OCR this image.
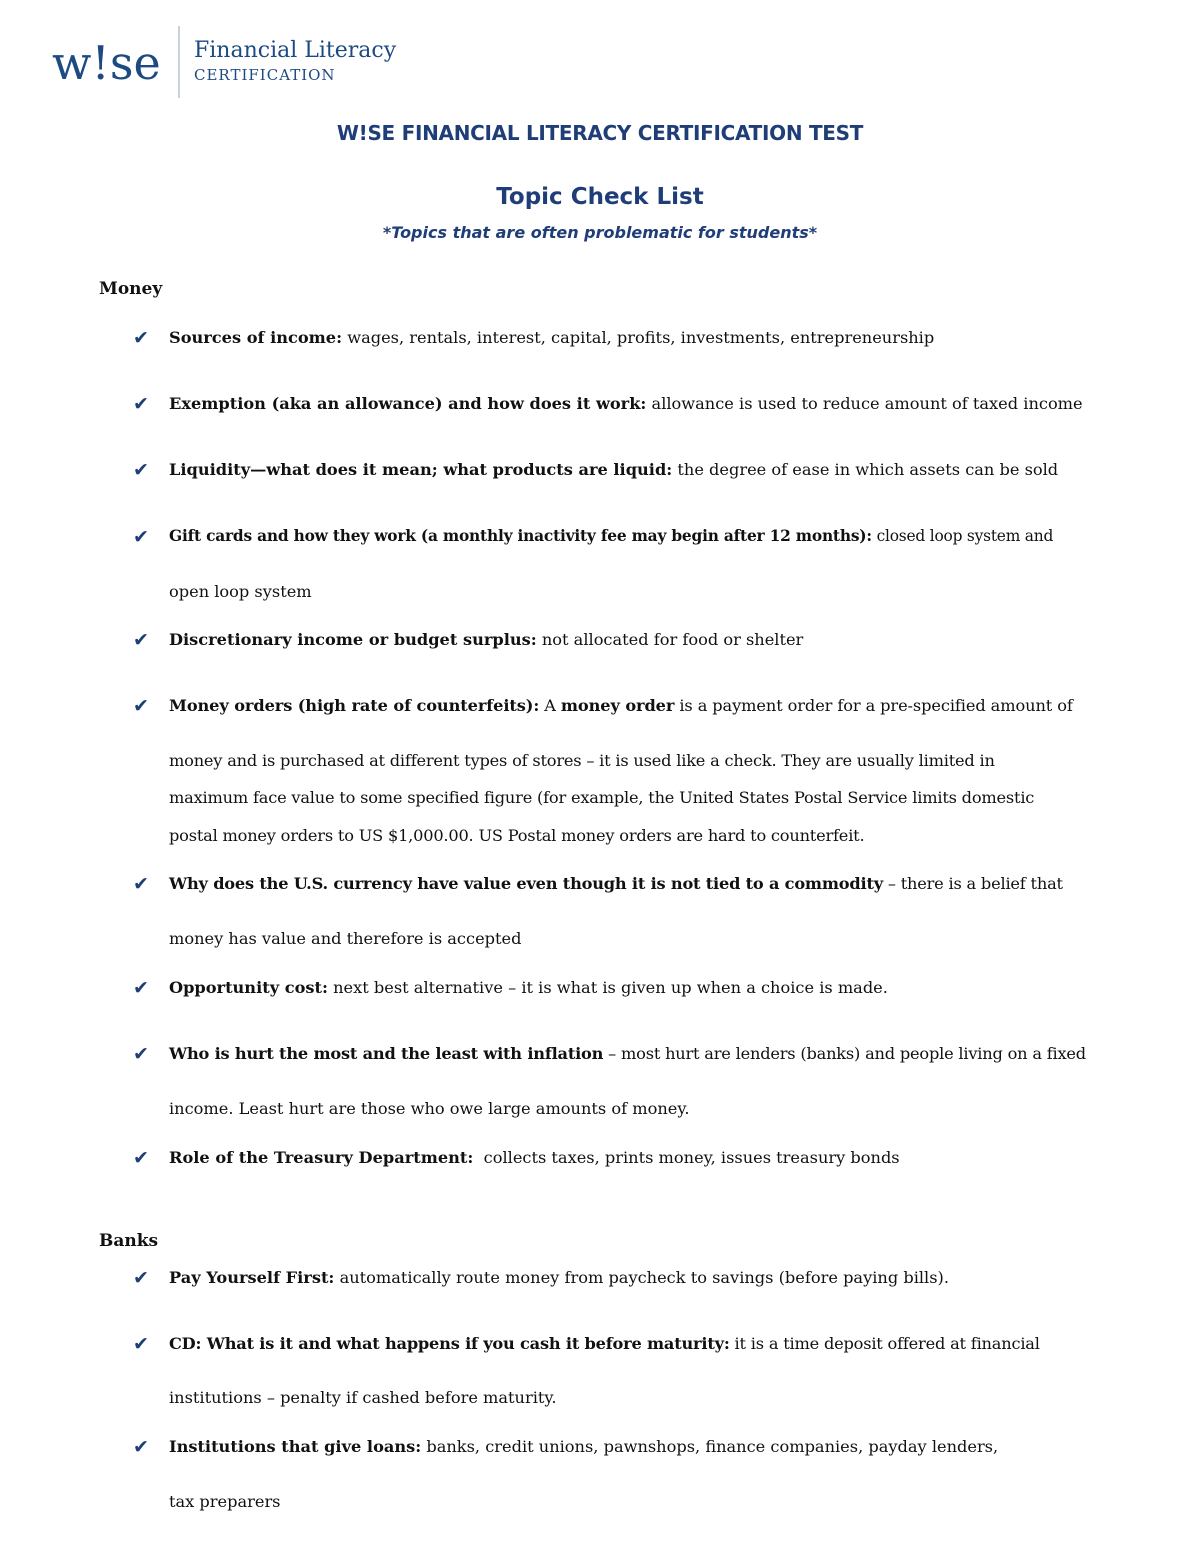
w!se Financial Literacy
CERTIFICATION
W!SE FINANCIAL LITERACY CERTIFICATION TEST
Topic Check List
*Topics that are often problematic for students*
Money
✔ Sources of income: wages, rentals, interest, capital, profits, investments, entrepreneurship
✔ Exemption (aka an allowance) and how does it work: allowance is used to reduce amount of taxed income
✔ Liquidity—what does it mean; what products are liquid: the degree of ease in which assets can be sold
✔ Gift cards and how they work (a monthly inactivity fee may begin after 12 months): closed loop system and
open loop system
✔ Discretionary income or budget surplus: not allocated for food or shelter
✔ Money orders (high rate of counterfeits): A money order is a payment order for a pre-specified amount of
money and is purchased at different types of stores – it is used like a check. They are usually limited in
maximum face value to some specified figure (for example, the United States Postal Service limits domestic
postal money orders to US $1,000.00. US Postal money orders are hard to counterfeit.
✔ Why does the U.S. currency have value even though it is not tied to a commodity – there is a belief that
money has value and therefore is accepted
✔ Opportunity cost: next best alternative – it is what is given up when a choice is made.
✔ Who is hurt the most and the least with inflation – most hurt are lenders (banks) and people living on a fixed
income. Least hurt are those who owe large amounts of money.
✔ Role of the Treasury Department:  collects taxes, prints money, issues treasury bonds
Banks
✔ Pay Yourself First: automatically route money from paycheck to savings (before paying bills).
✔ CD: What is it and what happens if you cash it before maturity: it is a time deposit offered at financial
institutions – penalty if cashed before maturity.
✔ Institutions that give loans: banks, credit unions, pawnshops, finance companies, payday lenders,
tax preparers
